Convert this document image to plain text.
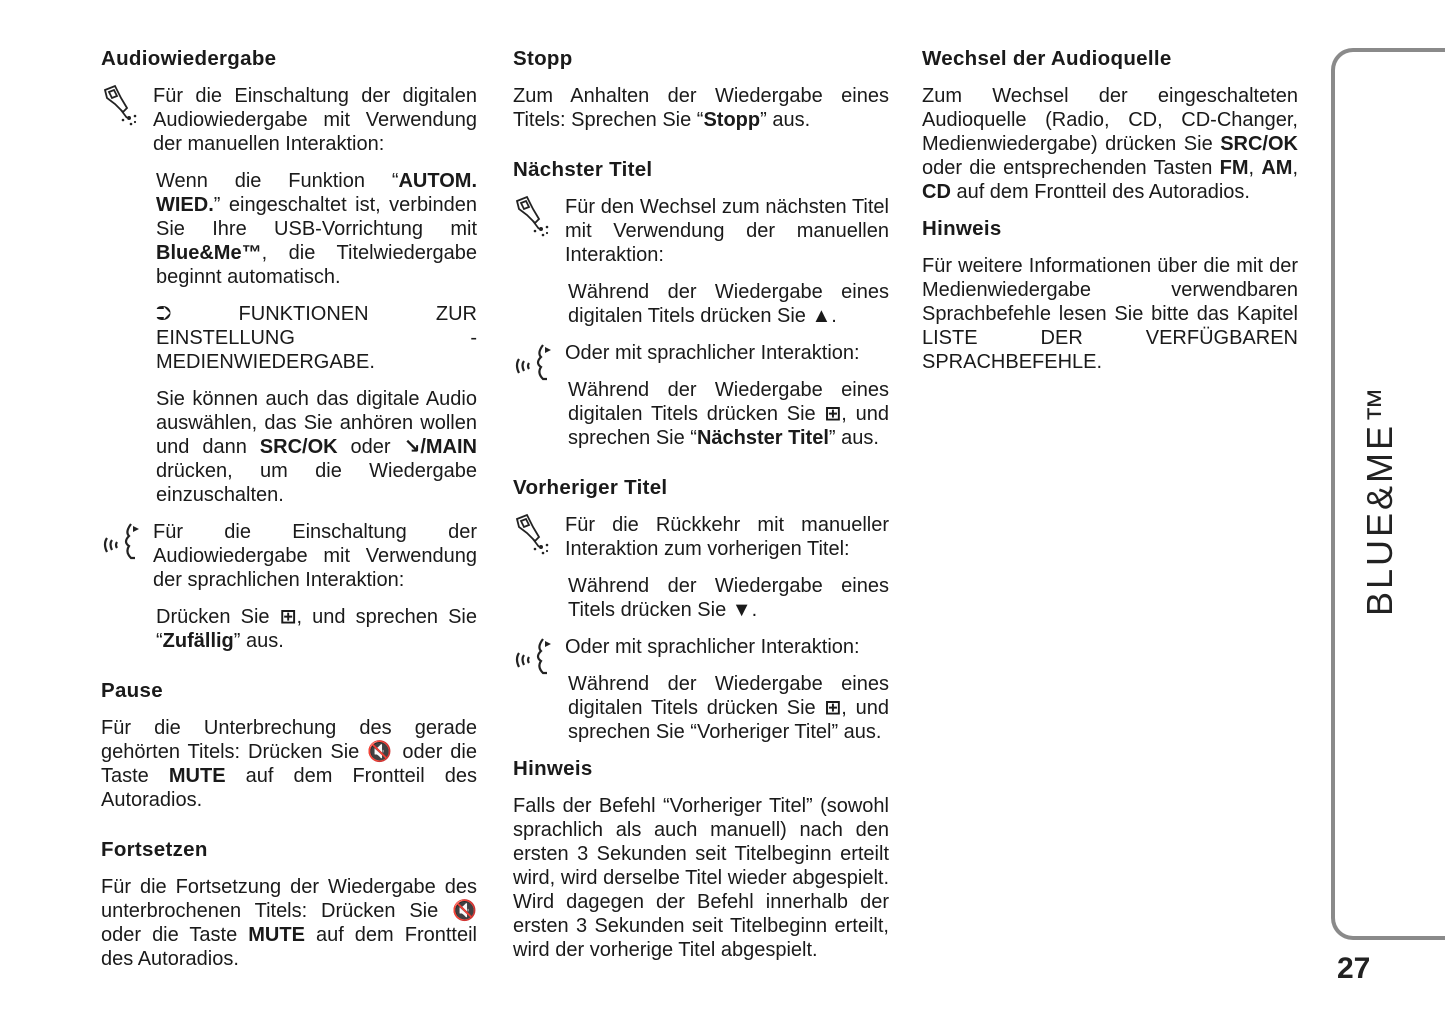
Audiowiedergabe
Für die Einschaltung der digitalen Audiowiedergabe mit Verwendung der manuellen Interaktion:
Wenn die Funktion “AUTOM. WIED.” eingeschaltet ist, verbinden Sie Ihre USB-Vorrichtung mit Blue&Me™, die Titelwiedergabe beginnt automatisch.
⮊ FUNKTIONEN ZUR EINSTELLUNG - MEDIENWIEDERGABE.
Sie können auch das digitale Audio auswählen, das Sie anhören wollen und dann SRC/OK oder ↘/MAIN drücken, um die Wiedergabe einzuschalten.
Für die Einschaltung der Audiowiedergabe mit Verwendung der sprachlichen Interaktion:
Drücken Sie ⊞, und sprechen Sie “Zufällig” aus.
Pause
Für die Unterbrechung des gerade gehörten Titels: Drücken Sie 🔇 oder die Taste MUTE auf dem Frontteil des Autoradios.
Fortsetzen
Für die Fortsetzung der Wiedergabe des unterbrochenen Titels: Drücken Sie 🔇 oder die Taste MUTE auf dem Frontteil des Autoradios.
Stopp
Zum Anhalten der Wiedergabe eines Titels: Sprechen Sie “Stopp” aus.
Nächster Titel
Für den Wechsel zum nächsten Titel mit Verwendung der manuellen Interaktion:
Während der Wiedergabe eines digitalen Titels drücken Sie ▲.
Oder mit sprachlicher Interaktion:
Während der Wiedergabe eines digitalen Titels drücken Sie ⊞, und sprechen Sie “Nächster Titel” aus.
Vorheriger Titel
Für die Rückkehr mit manueller Interaktion zum vorherigen Titel:
Während der Wiedergabe eines Titels drücken Sie ▼.
Oder mit sprachlicher Interaktion:
Während der Wiedergabe eines digitalen Titels drücken Sie ⊞, und sprechen Sie “Vorheriger Titel” aus.
Hinweis
Falls der Befehl “Vorheriger Titel” (sowohl sprachlich als auch manuell) nach den ersten 3 Sekunden seit Titelbeginn erteilt wird, wird derselbe Titel wieder abgespielt. Wird dagegen der Befehl innerhalb der ersten 3 Sekunden seit Titelbeginn erteilt, wird der vorherige Titel abgespielt.
Wechsel der Audioquelle
Zum Wechsel der eingeschalteten Audioquelle (Radio, CD, CD-Changer, Medienwiedergabe) drücken Sie SRC/OK oder die entsprechenden Tasten FM, AM, CD auf dem Frontteil des Autoradios.
Hinweis
Für weitere Informationen über die mit der Medienwiedergabe verwendbaren Sprachbefehle lesen Sie bitte das Kapitel LISTE DER VERFÜGBAREN SPRACHBEFEHLE.
BLUE&ME™
27
